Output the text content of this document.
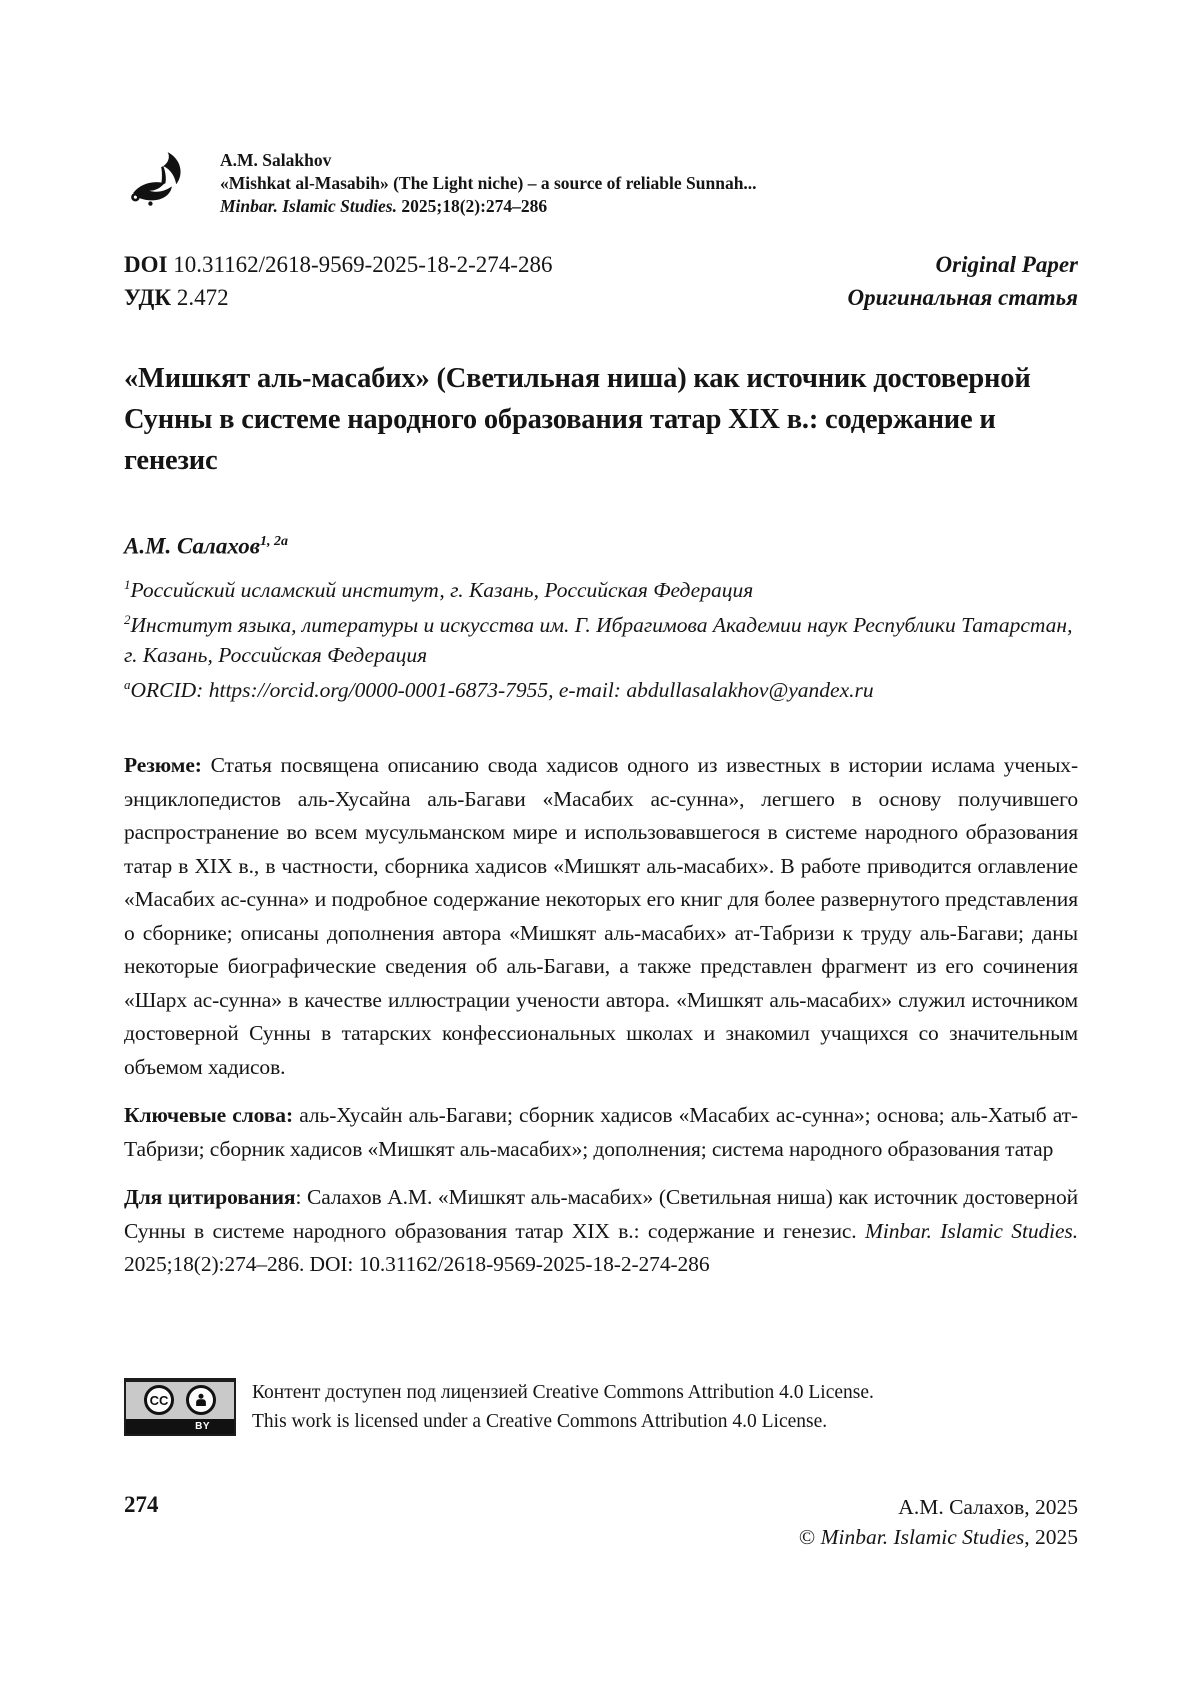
A.M. Salakhov
«Mishkat al-Masabih» (The Light niche) – a source of reliable Sunnah...
Minbar. Islamic Studies. 2025;18(2):274–286
DOI 10.31162/2618-9569-2025-18-2-274-286
УДК 2.472
Original Paper
Оригинальная статья
«Мишкят аль-масабих» (Светильная ниша) как источник достоверной Сунны в системе народного образования татар XIX в.: содержание и генезис
А.М. Салахов$^{1, 2a}$
$^1$Российский исламский институт, г. Казань, Российская Федерация
$^2$Институт языка, литературы и искусства им. Г. Ибрагимова Академии наук Республики Татарстан, г. Казань, Российская Федерация
$^a$ORCID: https://orcid.org/0000-0001-6873-7955, e-mail: abdullasalakhov@yandex.ru

Резюме: Статья посвящена описанию свода хадисов одного из известных в истории ислама ученых-энциклопедистов аль-Хусайна аль-Багави «Масабих ас-сунна», легшего в основу получившего распространение во всем мусульманском мире и использовавшегося в системе народного образования татар в XIX в., в частности, сборника хадисов «Мишкят аль-масабих». В работе приводится оглавление «Масабих ас-сунна» и подробное содержание некоторых его книг для более развернутого представления о сборнике; описаны дополнения автора «Мишкят аль-масабих» ат-Табризи к труду аль-Багави; даны некоторые биографические сведения об аль-Багави, а также представлен фрагмент из его сочинения «Шарх ас-сунна» в качестве иллюстрации учености автора. «Мишкят аль-масабих» служил источником достоверной Сунны в татарских конфессиональных школах и знакомил учащихся со значительным объемом хадисов.

Ключевые слова: аль-Хусайн аль-Багави; сборник хадисов «Масабих ас-сунна»; основа; аль-Хатыб ат-Табризи; сборник хадисов «Мишкят аль-масабих»; дополнения; система народного образования татар

Для цитирования: Салахов А.М. «Мишкят аль-масабих» (Светильная ниша) как источник достоверной Сунны в системе народного образования татар XIX в.: содержание и генезис. Minbar. Islamic Studies. 2025;18(2):274–286. DOI: 10.31162/2618-9569-2025-18-2-274-286

CC
BY
Контент доступен под лицензией Creative Commons Attribution 4.0 License.
This work is licensed under a Creative Commons Attribution 4.0 License.
274	А.М. Салахов, 2025
© Minbar. Islamic Studies, 2025
